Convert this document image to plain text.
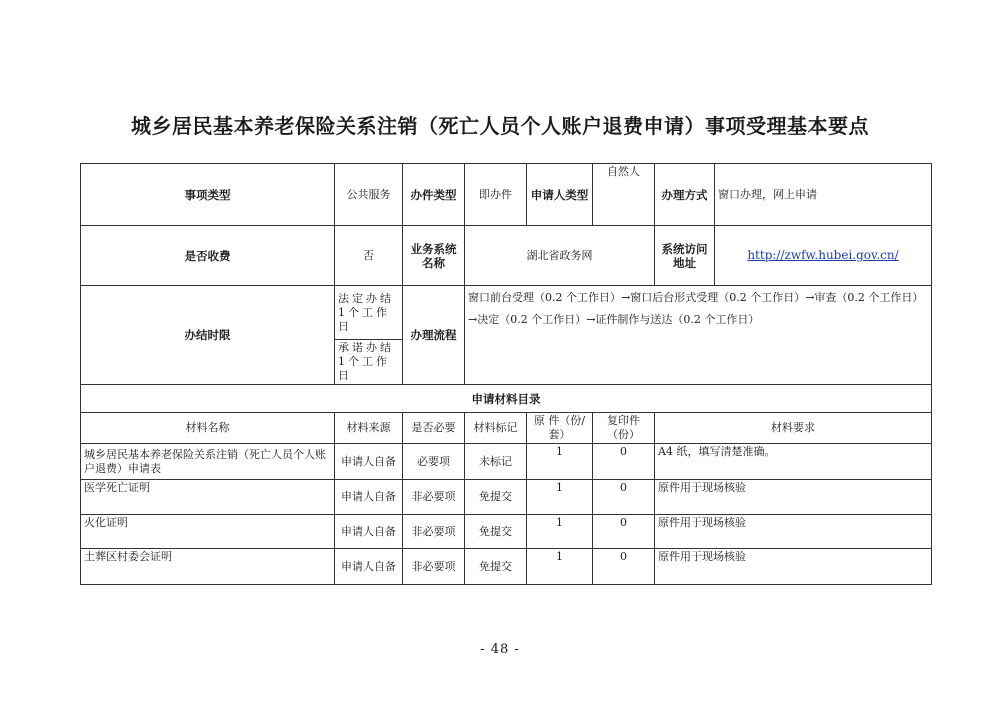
城乡居民基本养老保险关系注销（死亡人员个人账户退费申请）事项受理基本要点
事项类型	公共服务	办件类型	即办件	申请人类型	自然人	办理方式	窗口办理，网上申请
是否收费	否	业务系统名称	湖北省政务网			系统访问地址	http://zwfw.hubei.gov.cn/
办结时限	法定办结1个工作日	办理流程	窗口前台受理（0.2 个工作日）→窗口后台形式受理（0.2 个工作日）→审查（0.2 个工作日）→决定（0.2 个工作日）→证件制作与送达（0.2 个工作日）				
	承诺办结1个工作日						
申请材料目录							
材料名称	材料来源	是否必要	材料标记	原 件（份/套）	复印件（份）	材料要求	
城乡居民基本养老保险关系注销（死亡人员个人账户退费）申请表	申请人自备	必要项	未标记	1	0	A4 纸，填写清楚准确。	
医学死亡证明	申请人自备	非必要项	免提交	1	0	原件用于现场核验	
火化证明	申请人自备	非必要项	免提交	1	0	原件用于现场核验	
土葬区村委会证明	申请人自备	非必要项	免提交	1	0	原件用于现场核验	
- 48 -
